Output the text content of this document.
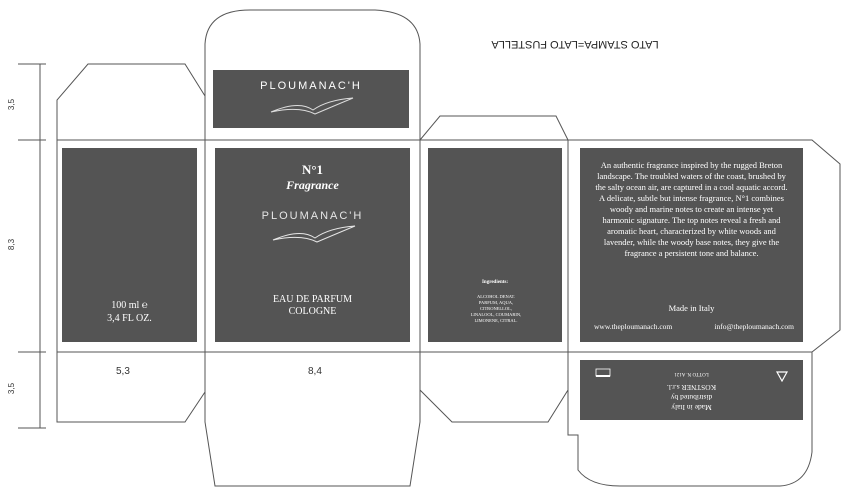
LATO STAMPA=LATO FUSTELLA
3,5
8,3
3,5
5,3	8,4
PLOUMANAC'H
100 ml ℮
3,4 FL OZ.
N°1
Fragrance
PLOUMANAC'H
EAU DE PARFUM
COLOGNE
Ingredients:
ALCOHOL DENAT. PARFUM, AQUA, CITRONELLOL, LINALOOL, COUMARIN, LIMONENE, CITRAL.
An authentic fragrance inspired by the rugged Breton landscape. The troubled waters of the coast, brushed by the salty ocean air, are captured in a cool aquatic accord. A delicate, subtle but intense fragrance, N°1 combines woody and marine notes to create an intense yet harmonic signature. The top notes reveal a fresh and aromatic heart, characterized by white woods and lavender, while the woody base notes, they give the fragrance a persistent tone and balance.
Made in Italy
www.theploumanach.com	info@theploumanach.com
Made in Italy
distributed by
KOSTNER s.r.l.
LOTTO N. A121
